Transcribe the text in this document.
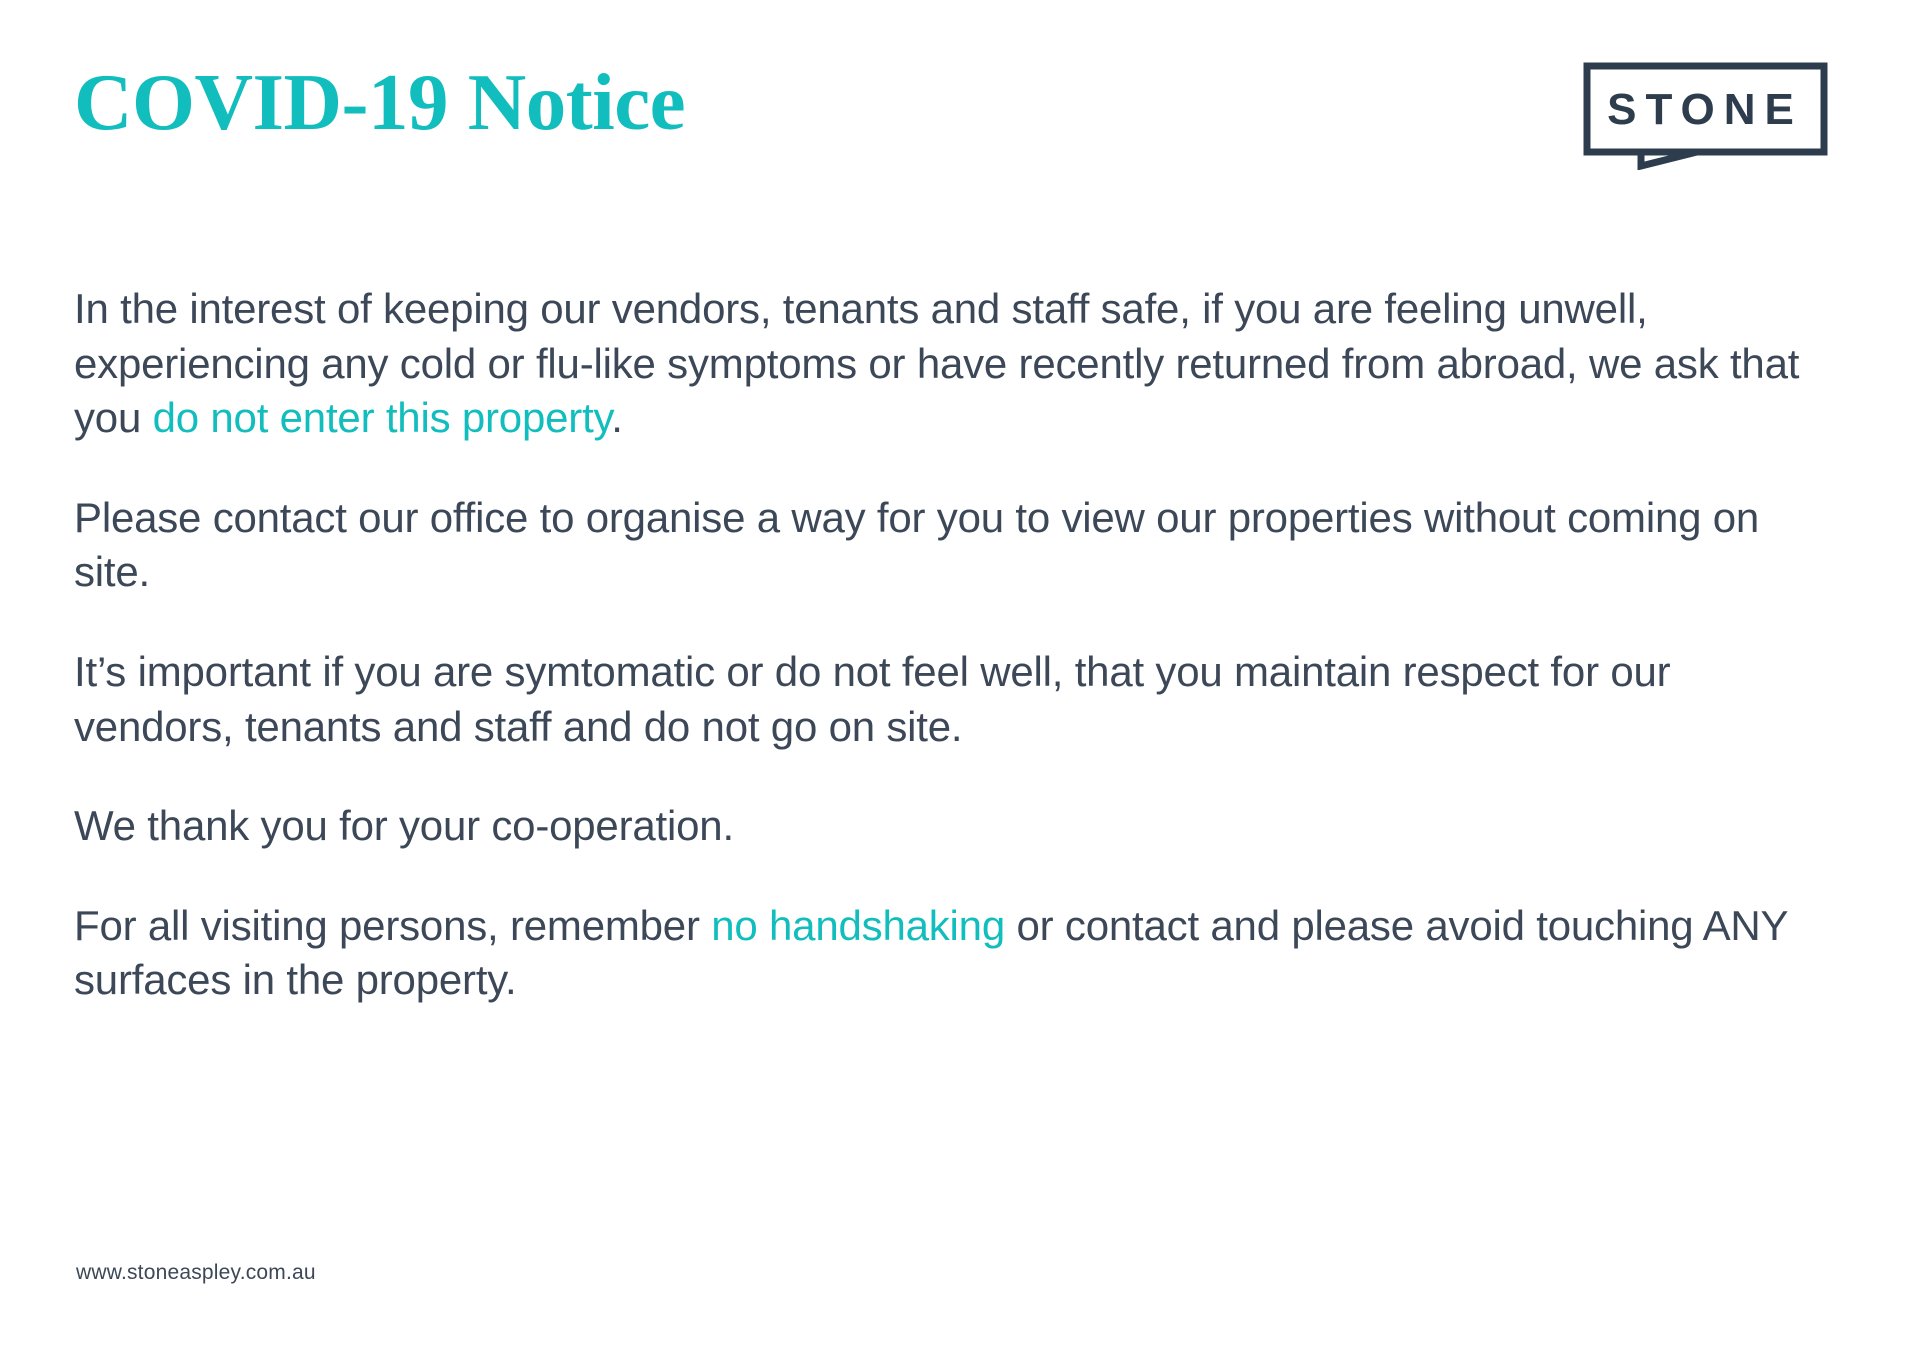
COVID-19 Notice	STONE

In the interest of keeping our vendors, tenants and staff safe, if you are feeling unwell, experiencing any cold or flu-like symptoms or have recently returned from abroad, we ask that you do not enter this property.

Please contact our office to organise a way for you to view our properties without coming on site.

It’s important if you are symtomatic or do not feel well, that you maintain respect for our vendors, tenants and staff and do not go on site.

We thank you for your co-operation.

For all visiting persons, remember no handshaking or contact and please avoid touching ANY surfaces in the property.

www.stoneaspley.com.au
